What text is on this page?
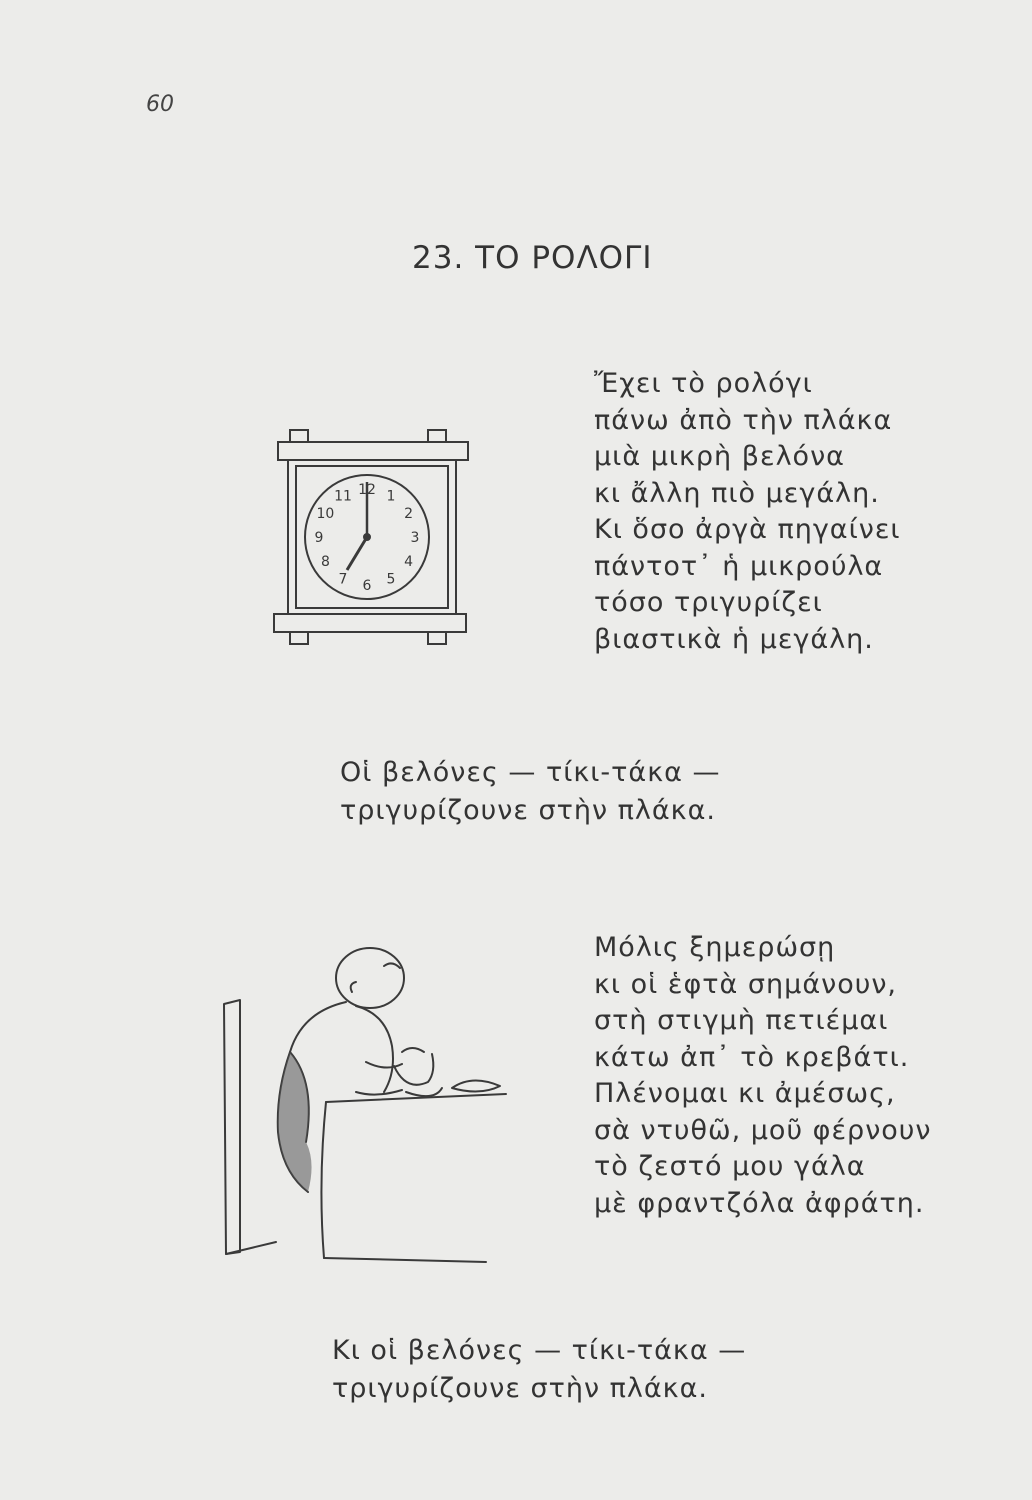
60
23. ΤΟ ΡΟΛΟΓΙ
12 1
2
3
4
5
6
7
8
9
10
11
Ἔχει τὸ ρολόγι
πάνω ἀπὸ τὴν πλάκα
μιὰ μικρὴ βελόνα
κι ἄλλη πιὸ μεγάλη.
Κι ὅσο ἀργὰ πηγαίνει
πάντοτ᾽ ἡ μικρούλα
τόσο τριγυρίζει
βιαστικὰ ἡ μεγάλη.
Οἱ βελόνες — τίκι-τάκα —
τριγυρίζουνε στὴν πλάκα.
Μόλις ξημερώσῃ
κι οἱ ἑφτὰ σημάνουν,
στὴ στιγμὴ πετιέμαι
κάτω ἀπ᾽ τὸ κρεβάτι.
Πλένομαι κι ἀμέσως,
σὰ ντυθῶ, μοῦ φέρνουν
τὸ ζεστό μου γάλα
μὲ φραντζόλα ἀφράτη.
Κι οἱ βελόνες — τίκι-τάκα —
τριγυρίζουνε στὴν πλάκα.
